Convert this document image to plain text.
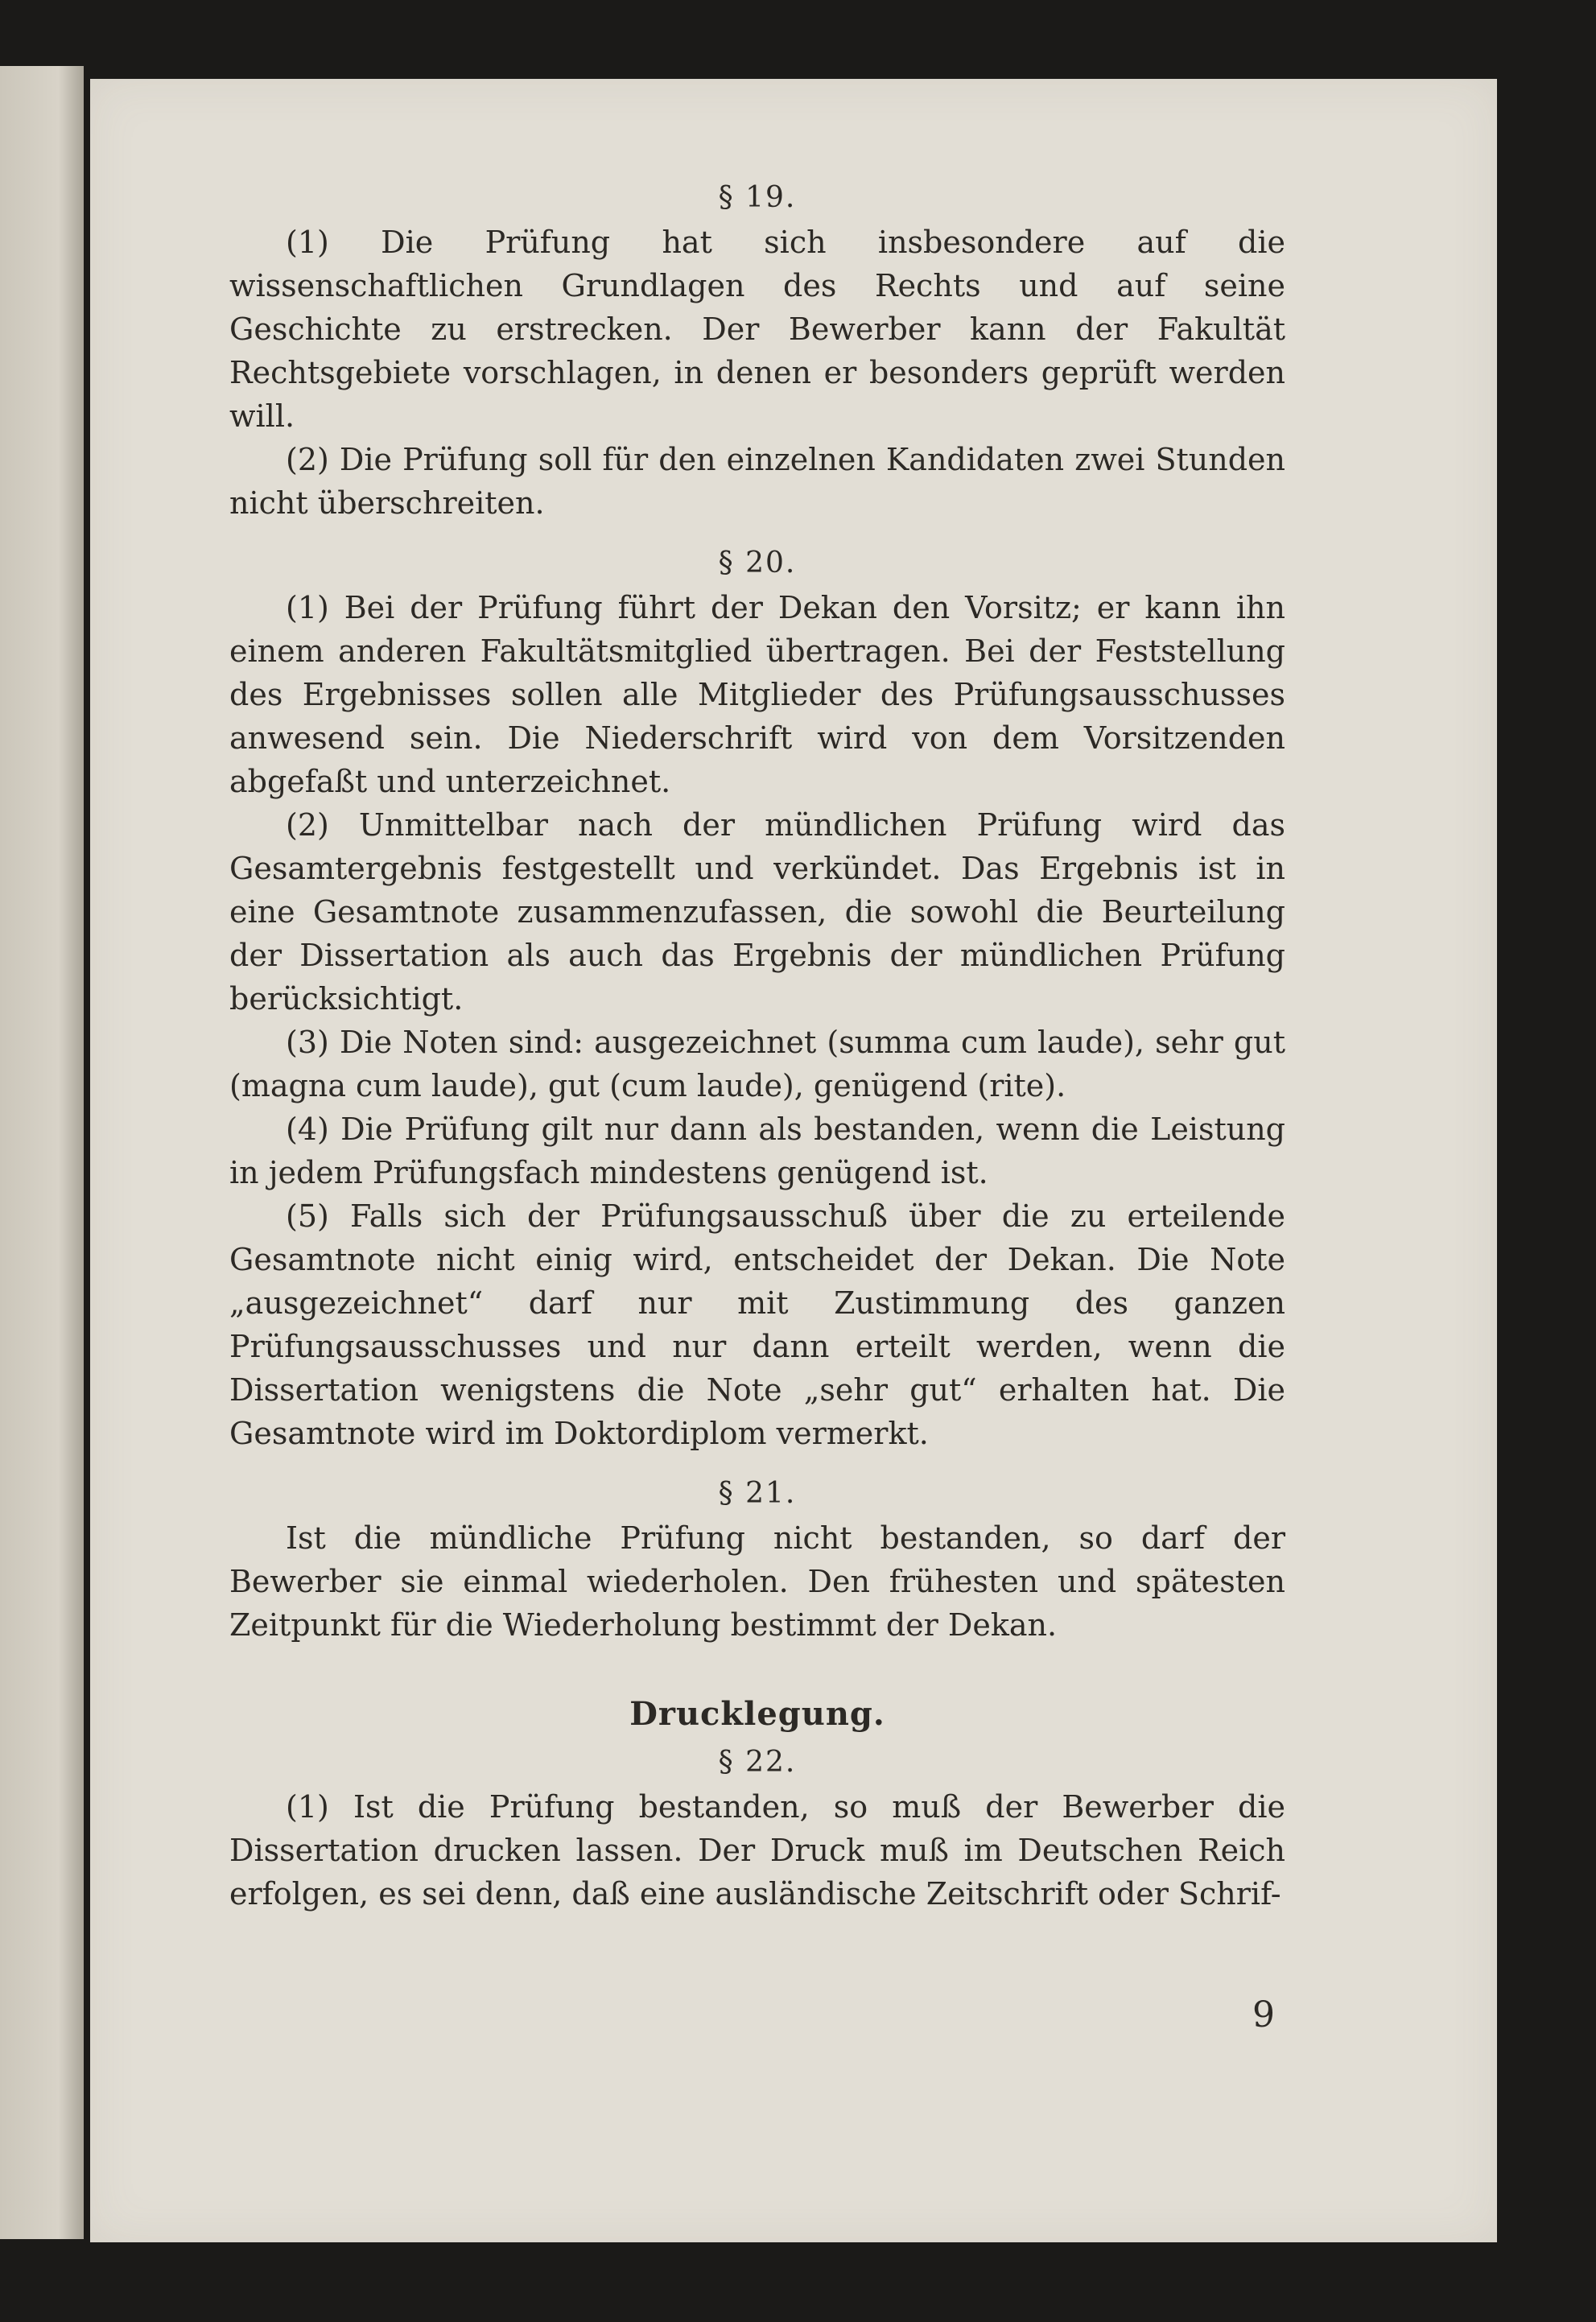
§ 19.

(1) Die Prüfung hat sich insbesondere auf die wissenschaftlichen Grundlagen des Rechts und auf seine Geschichte zu erstrecken. Der Bewerber kann der Fakultät Rechtsgebiete vorschlagen, in denen er besonders geprüft werden will.

(2) Die Prüfung soll für den einzelnen Kandidaten zwei Stunden nicht überschreiten.

§ 20.

(1) Bei der Prüfung führt der Dekan den Vorsitz; er kann ihn einem anderen Fakultätsmitglied übertragen. Bei der Feststellung des Ergebnisses sollen alle Mitglieder des Prüfungsausschusses anwesend sein. Die Niederschrift wird von dem Vorsitzenden abgefaßt und unterzeichnet.

(2) Unmittelbar nach der mündlichen Prüfung wird das Gesamtergebnis festgestellt und verkündet. Das Ergebnis ist in eine Gesamtnote zusammenzufassen, die sowohl die Beurteilung der Dissertation als auch das Ergebnis der mündlichen Prüfung berücksichtigt.

(3) Die Noten sind: ausgezeichnet (summa cum laude), sehr gut (magna cum laude), gut (cum laude), genügend (rite).

(4) Die Prüfung gilt nur dann als bestanden, wenn die Leistung in jedem Prüfungsfach mindestens genügend ist.

(5) Falls sich der Prüfungsausschuß über die zu erteilende Gesamtnote nicht einig wird, entscheidet der Dekan. Die Note „ausgezeichnet“ darf nur mit Zustimmung des ganzen Prüfungsausschusses und nur dann erteilt werden, wenn die Dissertation wenigstens die Note „sehr gut“ erhalten hat. Die Gesamtnote wird im Doktordiplom vermerkt.

§ 21.

Ist die mündliche Prüfung nicht bestanden, so darf der Bewerber sie einmal wiederholen. Den frühesten und spätesten Zeitpunkt für die Wiederholung bestimmt der Dekan.

Drucklegung.

§ 22.

(1) Ist die Prüfung bestanden, so muß der Bewerber die Dissertation drucken lassen. Der Druck muß im Deutschen Reich erfolgen, es sei denn, daß eine ausländische Zeitschrift oder Schrif-

9
